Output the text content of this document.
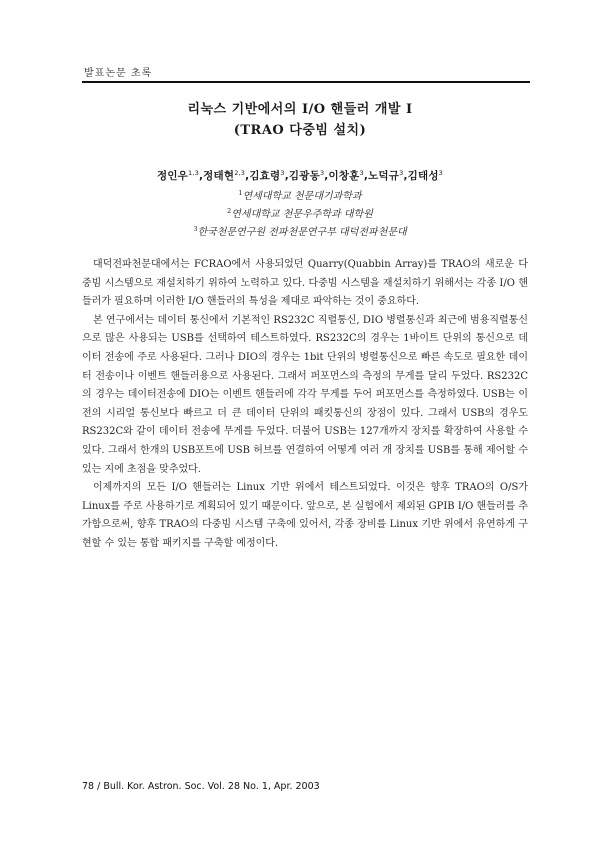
발표논문 초록
리눅스 기반에서의 I/O 핸들러 개발 I
(TRAO 다중빔 설치)
정인우$^{1,3}$,정태현$^{2,3}$,김효령$^3$,김광동$^3$,이창훈$^3$,노덕규$^3$,김태성$^3$
$^1$연세대학교 천문대기과학과
$^2$연세대학교 천문우주학과 대학원
$^3$한국천문연구원 전파천문연구부 대덕전파천문대

대덕전파천문대에서는 FCRAO에서 사용되었던 Quarry(Quabbin Array)를 TRAO의 새로운 다중빔 시스템으로 재설치하기 위하여 노력하고 있다. 다중빔 시스템을 재설치하기 위해서는 각종 I/O 핸들러가 필요하며 이러한 I/O 핸들러의 특성을 제대로 파악하는 것이 중요하다.

본 연구에서는 데이터 통신에서 기본적인 RS232C 직렬통신, DIO 병렬통신과 최근에 범용직렬통신으로 많은 사용되는 USB를 선택하여 테스트하였다. RS232C의 경우는 1바이트 단위의 통신으로 데이터 전송에 주로 사용된다. 그러나 DIO의 경우는 1bit 단위의 병렬통신으로 빠른 속도로 필요한 데이터 전송이나 이벤트 핸들러용으로 사용된다. 그래서 퍼포먼스의 측정의 무게를 달리 두었다. RS232C의 경우는 데이터전송에 DIO는 이벤트 핸들러에 각각 무게를 두어 퍼포먼스를 측정하였다. USB는 이전의 시리얼 통신보다 빠르고 더 큰 데이터 단위의 패킷통신의 장점이 있다. 그래서 USB의 경우도 RS232C와 같이 데이터 전송에 무게를 두었다. 더불어 USB는 127개까지 장치를 확장하여 사용할 수 있다. 그래서 한개의 USB포트에 USB 허브를 연결하여 어떻게 여러 개 장치를 USB를 통해 제어할 수 있는 지에 초점을 맞추었다.

이제까지의 모든 I/O 핸들러는 Linux 기반 위에서 테스트되었다. 이것은 향후 TRAO의 O/S가 Linux를 주로 사용하기로 계획되어 있기 때문이다. 앞으로, 본 실험에서 제외된 GPIB I/O 핸들러를 추가함으로써, 향후 TRAO의 다중빔 시스템 구축에 있어서, 각종 장비를 Linux 기반 위에서 유연하게 구현할 수 있는 통합 패키지를 구축할 예정이다.

78 / Bull. Kor. Astron. Soc. Vol. 28 No. 1, Apr. 2003
